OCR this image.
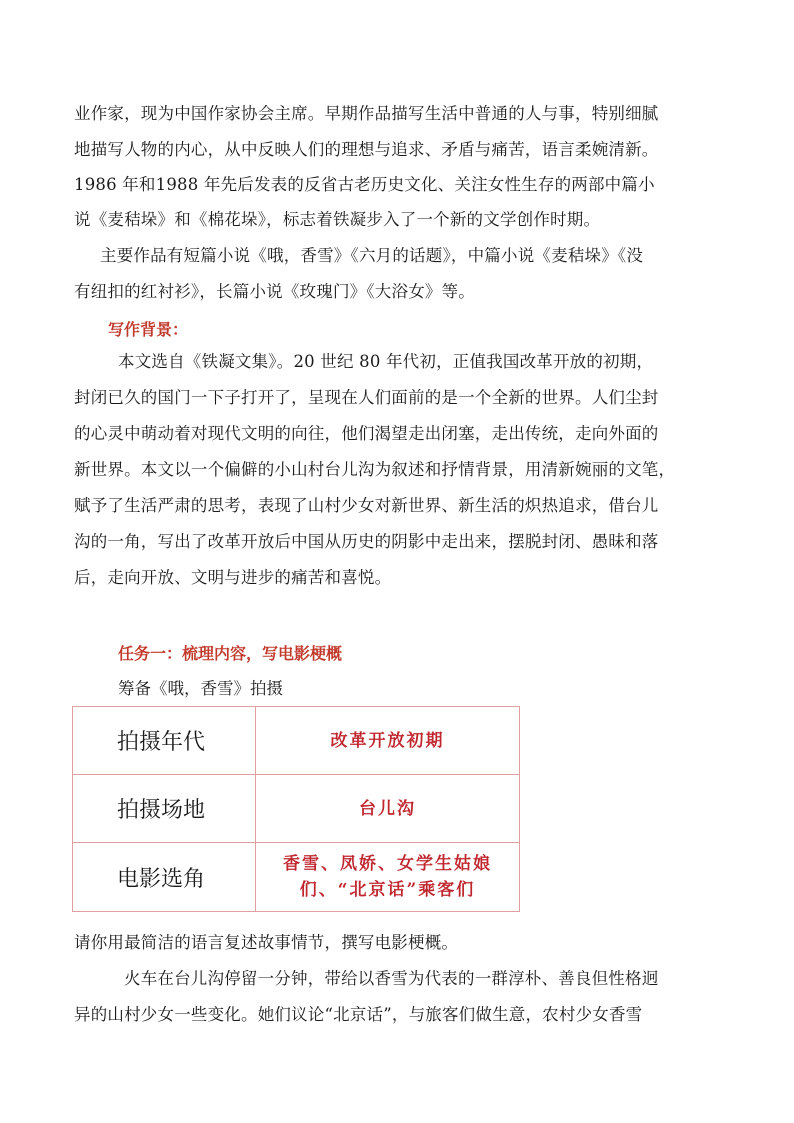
业作家，现为中国作家协会主席。早期作品描写生活中普通的人与事，特别细腻
地描写人物的内心，从中反映人们的理想与追求、矛盾与痛苦，语言柔婉清新。
1986 年和1988 年先后发表的反省古老历史文化、关注女性生存的两部中篇小
说《麦秸垛》和《棉花垛》，标志着铁凝步入了一个新的文学创作时期。
主要作品有短篇小说《哦，香雪》《六月的话题》，中篇小说《麦秸垛》《没
有纽扣的红衬衫》，长篇小说《玫瑰门》《大浴女》等。
写作背景：
本文选自《铁凝文集》。20 世纪 80 年代初，正值我国改革开放的初期，
封闭已久的国门一下子打开了，呈现在人们面前的是一个全新的世界。人们尘封
的心灵中萌动着对现代文明的向往，他们渴望走出闭塞，走出传统，走向外面的
新世界。本文以一个偏僻的小山村台儿沟为叙述和抒情背景，用清新婉丽的文笔，
赋予了生活严肃的思考，表现了山村少女对新世界、新生活的炽热追求，借台儿
沟的一角，写出了改革开放后中国从历史的阴影中走出来，摆脱封闭、愚昧和落
后，走向开放、文明与进步的痛苦和喜悦。
任务一：梳理内容，写电影梗概
筹备《哦，香雪》拍摄
拍摄年代	改革开放初期
拍摄场地	台儿沟
电影选角
香雪、凤娇、女学生姑娘们、“北京话”乘客们
请你用最简洁的语言复述故事情节，撰写电影梗概。
火车在台儿沟停留一分钟，带给以香雪为代表的一群淳朴、善良但性格迥
异的山村少女一些变化。她们议论“北京话”，与旅客们做生意，农村少女香雪
